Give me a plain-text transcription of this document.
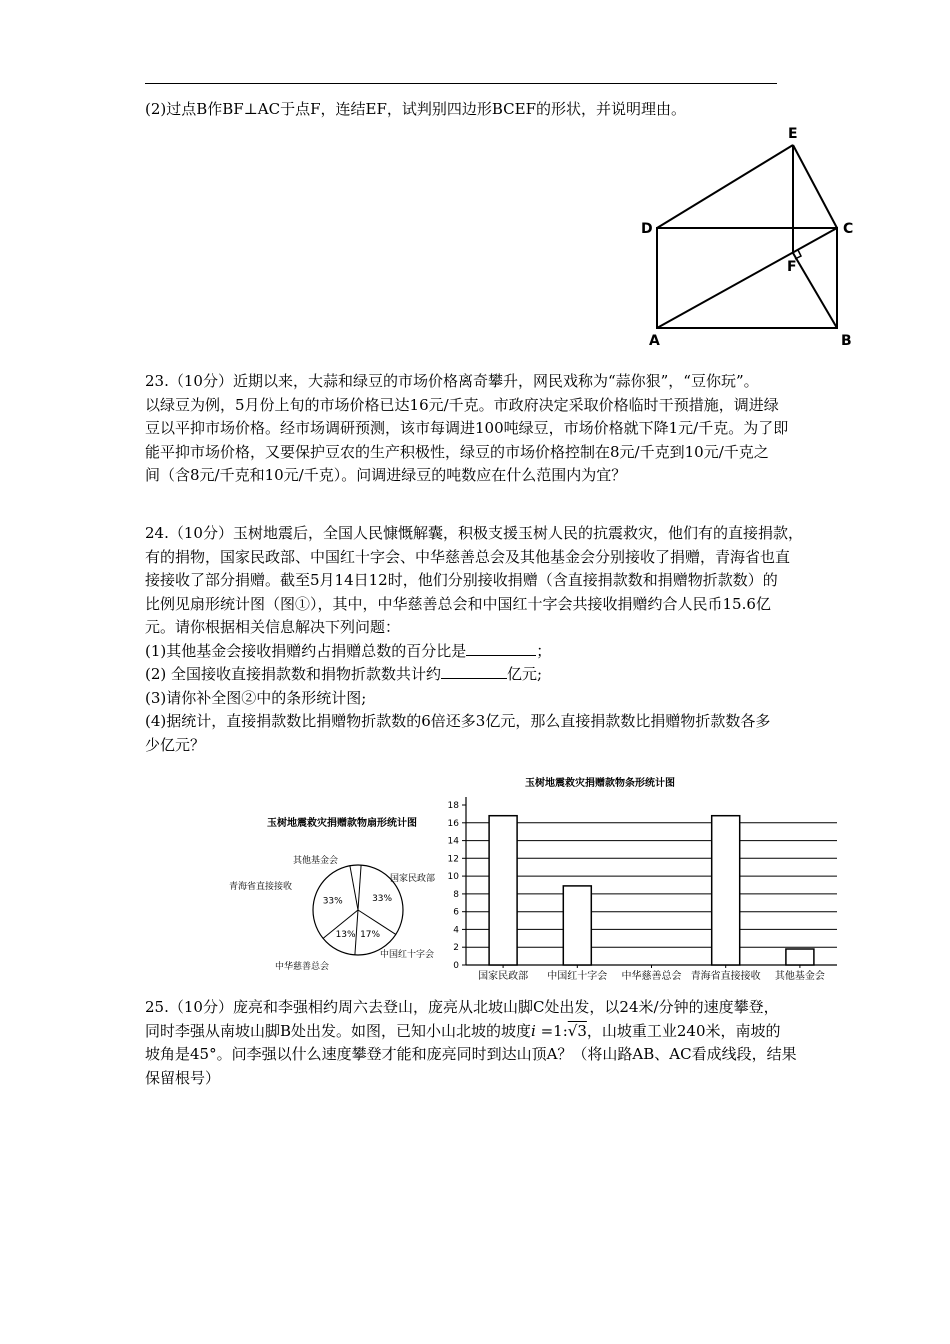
(2)过点B作BF⊥AC于点F，连结EF，试判别四边形BCEF的形状，并说明理由。

E
D	C
F
A	B

23.（10分）近期以来，大蒜和绿豆的市场价格离奇攀升，网民戏称为“蒜你狠”，“豆你玩”。
以绿豆为例，5月份上旬的市场价格已达16元/千克。市政府决定采取价格临时干预措施，调进绿
豆以平抑市场价格。经市场调研预测，该市每调进100吨绿豆，市场价格就下降1元/千克。为了即
能平抑市场价格，又要保护豆农的生产积极性，绿豆的市场价格控制在8元/千克到10元/千克之
间（含8元/千克和10元/千克）。问调进绿豆的吨数应在什么范围内为宜？

24.（10分）玉树地震后，全国人民慷慨解囊，积极支援玉树人民的抗震救灾，他们有的直接捐款，
有的捐物，国家民政部、中国红十字会、中华慈善总会及其他基金会分别接收了捐赠，青海省也直
接接收了部分捐赠。截至5月14日12时，他们分别接收捐赠（含直接捐款数和捐赠物折款数）的
比例见扇形统计图（图①），其中，中华慈善总会和中国红十字会共接收捐赠约合人民币15.6亿
元。请你根据相关信息解决下列问题：
(1)其他基金会接收捐赠约占捐赠总数的百分比是	；
(2) 全国接收直接捐款数和捐物折款数共计约	亿元;
(3)请你补全图②中的条形统计图;
(4)据统计，直接捐款数比捐赠物折款数的6倍还多3亿元，那么直接捐款数比捐赠物折款数各多
少亿元？

玉树地震救灾捐赠款物扇形统计图
33%
国家民政部
17%
中国红十字会
13%
中华慈善总会
33%
青海省直接接收
其他基金会
玉树地震救灾捐赠款物条形统计图
0
2
4
6
8
10
12
14
16
18
国家民政部 中国红十字会 中华慈善总会 青海省直接接收 其他基金会

25.（10分）庞亮和李强相约周六去登山，庞亮从北坡山脚C处出发，以24米/分钟的速度攀登，
同时李强从南坡山脚B处出发。如图，已知小山北坡的坡度i =1:√3，山坡重工业240米，南坡的
坡角是45°。问李强以什么速度攀登才能和庞亮同时到达山顶A？（将山路AB、AC看成线段，结果
保留根号）
